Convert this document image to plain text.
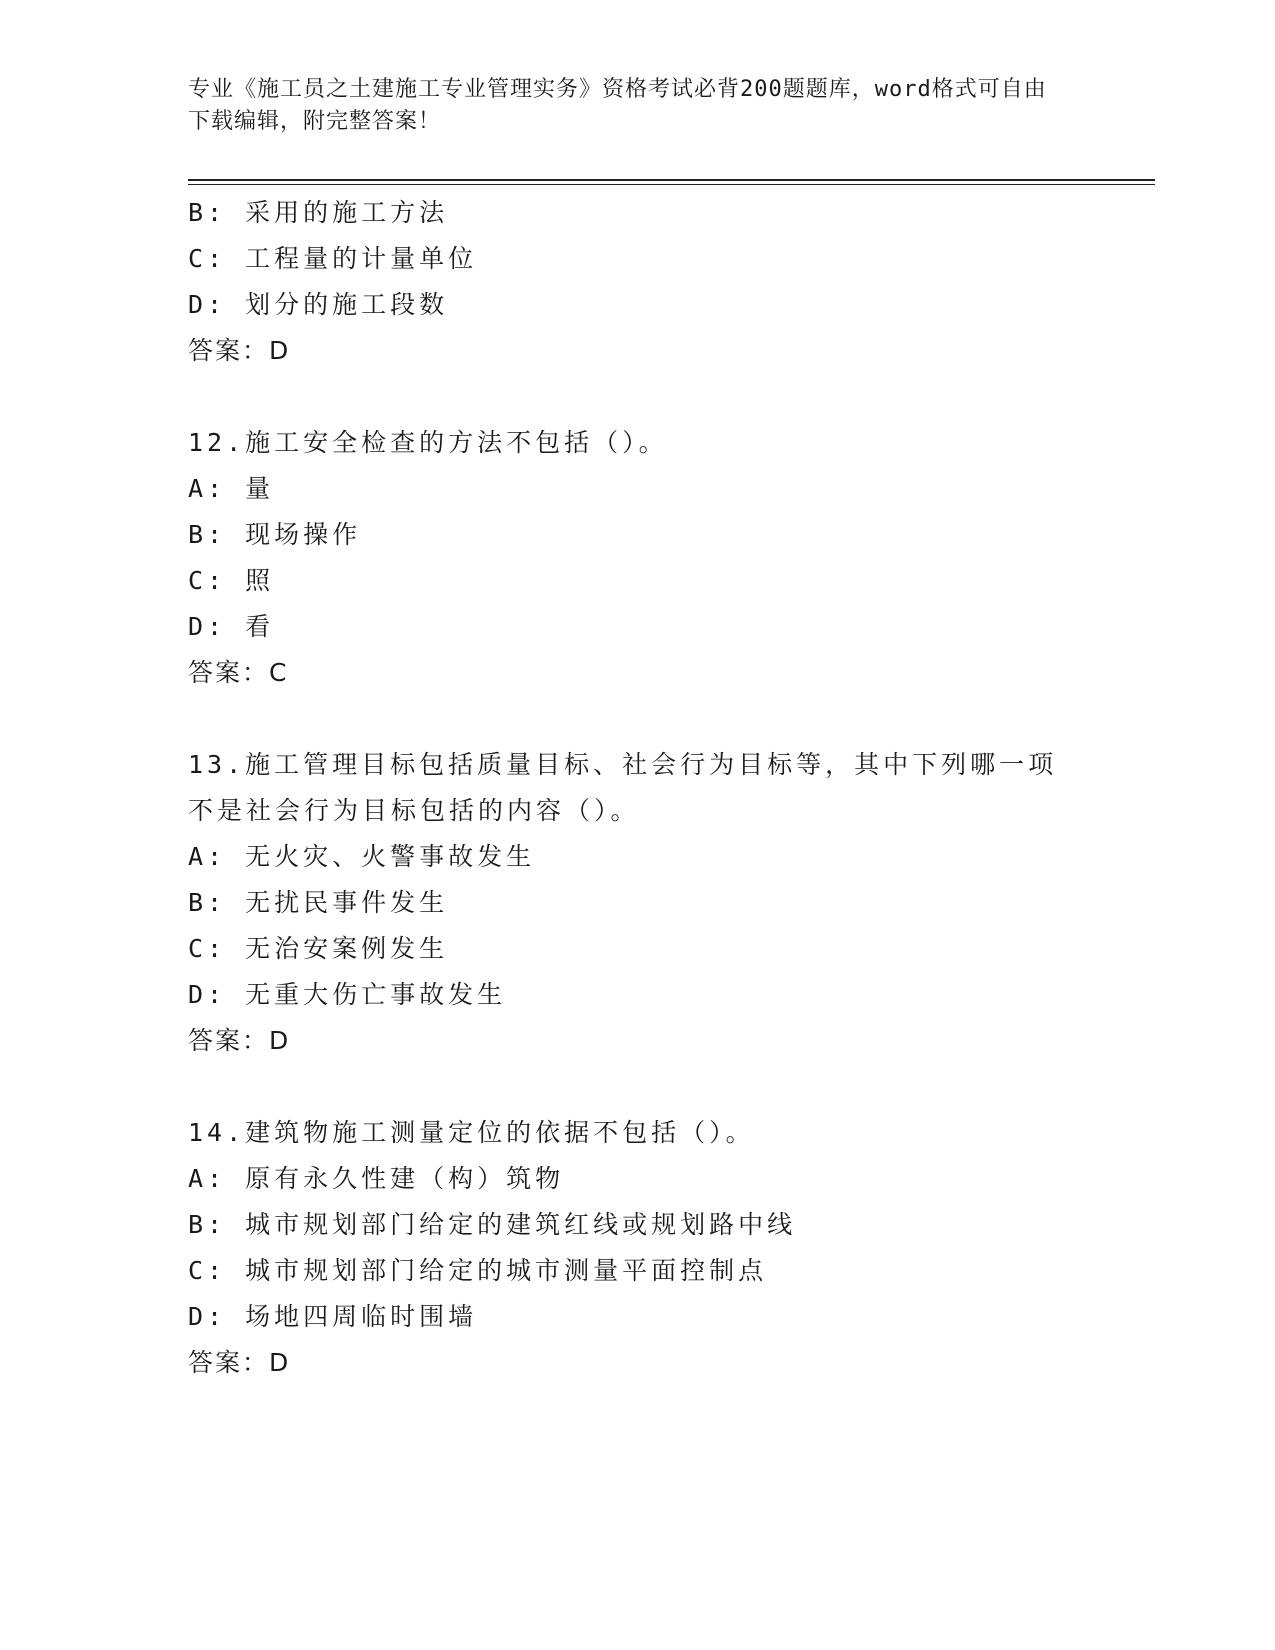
专业《施工员之土建施工专业管理实务》资格考试必背200题题库，word格式可自由下载编辑，附完整答案！
B: 采用的施工方法
C: 工程量的计量单位
D: 划分的施工段数
答案：D
12.施工安全检查的方法不包括（）。
A: 量
B: 现场操作
C: 照
D: 看
答案：C
13.施工管理目标包括质量目标、社会行为目标等，其中下列哪一项不是社会行为目标包括的内容（）。
A: 无火灾、火警事故发生
B: 无扰民事件发生
C: 无治安案例发生
D: 无重大伤亡事故发生
答案：D
14.建筑物施工测量定位的依据不包括（）。
A: 原有永久性建（构）筑物
B: 城市规划部门给定的建筑红线或规划路中线
C: 城市规划部门给定的城市测量平面控制点
D: 场地四周临时围墙
答案：D
